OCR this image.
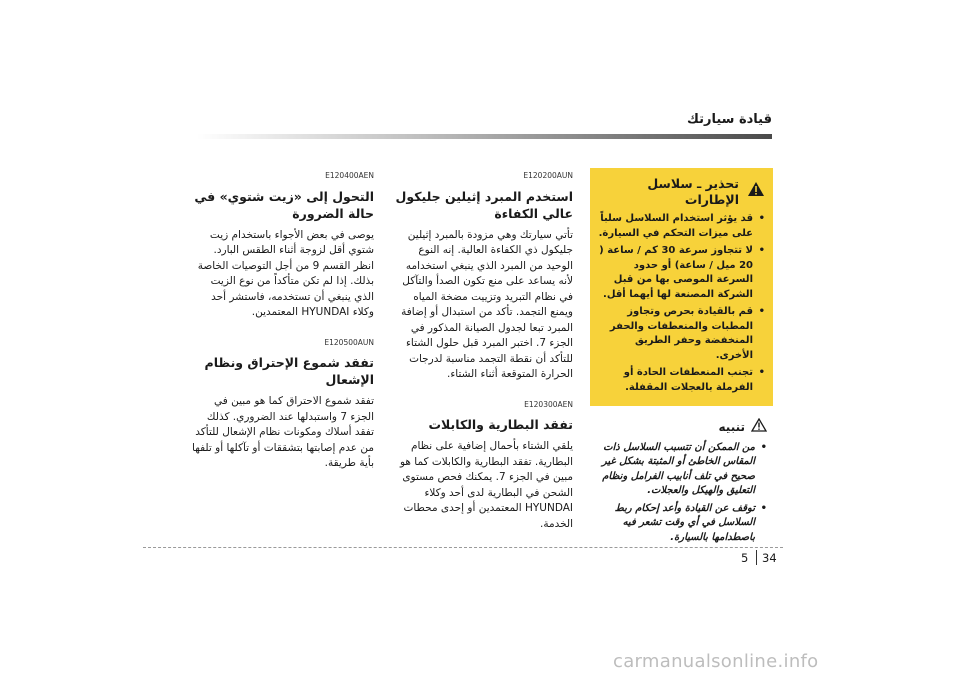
قيادة سيارتك
تحذير ـ سلاسل الإطارات
• قد يؤثر استخدام السلاسل سلباً على ميزات التحكم في السيارة.
• لا تتجاوز سرعة 30 كم / ساعة ( 20 ميل / ساعة) أو حدود السرعة الموصى بها من قبل الشركة المصنعة لها أيهما أقل.
• قم بالقيادة بحرص وتجاوز المطبات والمنعطفات والحفر المنخفضة وحفر الطريق الأخرى.
• تجنب المنعطفات الحادة أو الفرملة بالعجلات المقفلة.
تنبيه
• من الممكن أن تتسبب السلاسل ذات المقاس الخاطئ أو المثبتة بشكل غير صحيح في تلف أنابيب الفرامل ونظام التعليق والهيكل والعجلات.
• توقف عن القيادة وأعد إحكام ربط السلاسل في أي وقت تشعر فيه باصطدامها بالسيارة.
E120200AUN
استخدم المبرد إثيلين جليكول عالي الكفاءة

تأتي سيارتك وهي مزودة بالمبرد إثيلين جليكول ذي الكفاءة العالية. إنه النوع الوحيد من المبرد الذي ينبغي استخدامه لأنه يساعد على منع تكون الصدأ والتآكل في نظام التبريد وتزييت مضخة المياه ويمنع التجمد. تأكد من استبدال أو إضافة المبرد تبعا لجدول الصيانة المذكور في الجزء 7. اختبر المبرد قبل حلول الشتاء للتأكد أن نقطة التجمد مناسبة لدرجات الحرارة المتوقعة أثناء الشتاء.

E120300AEN
تفقد البطارية والكابلات

يلقي الشتاء بأحمال إضافية على نظام البطارية. تفقد البطارية والكابلات كما هو مبين في الجزء 7. يمكنك فحص مستوى الشحن في البطارية لدى أحد وكلاء HYUNDAI المعتمدين أو إحدى محطات الخدمة.

E120400AEN
التحول إلى «زيت شتوي» في حالة الضرورة

يوصى في بعض الأجواء باستخدام زيت شتوي أقل لزوجة أثناء الطقس البارد. انظر القسم 9 من أجل التوصيات الخاصة بذلك. إذا لم تكن متأكداً من نوع الزيت الذي ينبغي أن تستخدمه، فاستشر أحد وكلاء HYUNDAI المعتمدين.

E120500AUN
تفقد شموع الإحتراق ونظام الإشعال

تفقد شموع الاحتراق كما هو مبين في الجزء 7 واستبدلها عند الضروري. كذلك تفقد أسلاك ومكونات نظام الإشعال للتأكد من عدم إصابتها بتشققات أو تآكلها أو تلفها بأية طريقة.

5 34
carmanualsonline.info
